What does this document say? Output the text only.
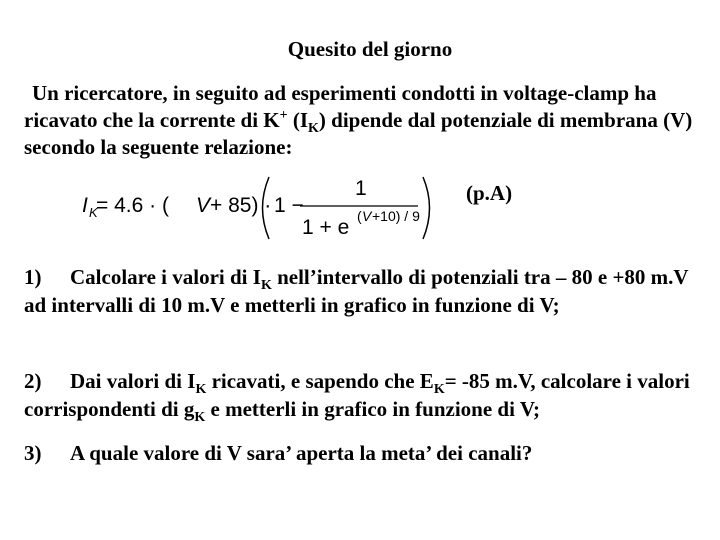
Quesito del giorno
Un ricercatore, in seguito ad esperimenti condotti in voltage-clamp ha ricavato che la corrente di K+ $(I_K)$ dipende dal potenziale di membrana (V) secondo la seguente relazione:
I K
= 4.6 · ( V + 85) · 1 −
1
1 + e ( V +10) / 9
(p.A)
1) Calcolare i valori di $I_K$ nell’intervallo di potenziali tra – 80 e +80 m.V ad intervalli di 10 m.V e metterli in grafico in funzione di V;
2) Dai valori di $I_K$ ricavati, e sapendo che $E_K= -85$ m.V, calcolare i valori corrispondenti di $g_K$ e metterli in grafico in funzione di V;
3) A quale valore di V sara’ aperta la meta’ dei canali?
